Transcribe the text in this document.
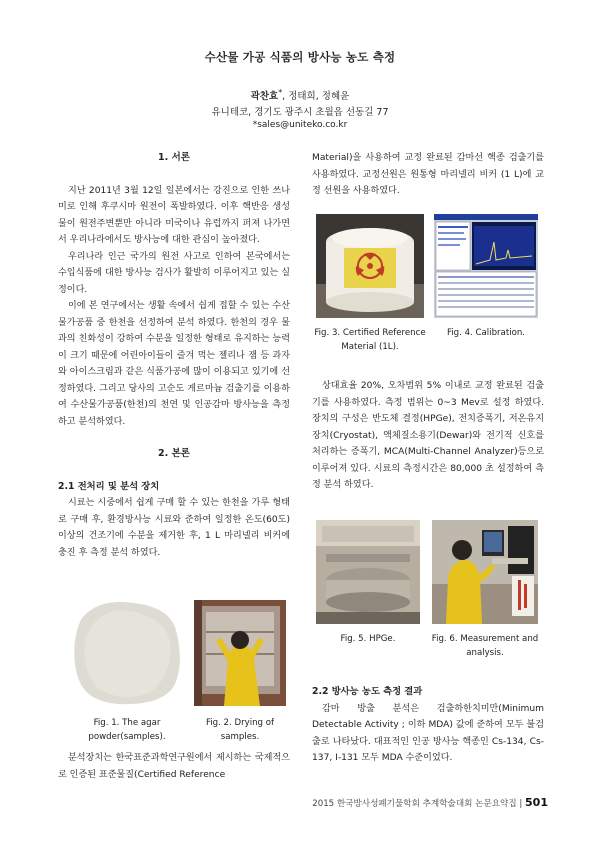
수산물 가공 식품의 방사능 농도 측정
곽찬효*, 정태희, 정혜윤
유니테코, 경기도 광주시 초월읍 선동길 77
*sales@uniteko.co.kr

1. 서론

지난 2011년 3월 12일 일본에서는 강진으로 인한 쓰나미로 인해 후쿠시마 원전이 폭발하였다. 이후 핵반응 생성물이 원전주변뿐만 아니라 미국이나 유럽까지 퍼져 나가면서 우리나라에서도 방사능에 대한 관심이 높아졌다.

우리나라 인근 국가의 원전 사고로 인하여 본국에서는 수입식품에 대한 방사능 검사가 활발히 이루어지고 있는 실정이다.

이에 본 연구에서는 생활 속에서 쉽게 접할 수 있는 수산물가공품 중 한천을 선정하여 분석 하였다. 한천의 경우 물과의 친화성이 강하여 수분을 일정한 형태로 유지하는 능력이 크기 때문에 어린아이들이 즐겨 먹는 젤리나 잼 등 과자와 아이스크림과 같은 식품가공에 많이 이용되고 있기에 선정하였다. 그리고 당사의 고순도 게르마늄 검출기를 이용하여 수산물가공품(한천)의 천연 및 인공감마 방사능을 측정하고 분석하였다.

2. 본론

2.1 전처리 및 분석 장치

시료는 시중에서 쉽게 구매 할 수 있는 한천을 가루 형태로 구매 후, 환경방사능 시료와 준하여 일정한 온도(60도) 이상의 건조기에 수분을 제거한 후, 1 L 마리넬리 비커에 충진 후 측정 분석 하였다.

Fig. 1. The agar powder(samples).
Fig. 2. Drying of samples.

분석장치는 한국표준과학연구원에서 제시하는 국제적으로 인증된 표준물질(Certified Reference

Material)을 사용하여 교정 완료된 감마선 핵종 검출기를 사용하였다. 교정선원은 원통형 마리넬리 비커 (1 L)에 교정 선원을 사용하였다.

Fig. 3. Certified Reference Material (1L).
Fig. 4. Calibration.

상대효율 20%, 오차범위 5% 이내로 교정 완료된 검출기를 사용하였다. 측정 범위는 0~3 Mev로 설정 하였다. 장치의 구성은 반도체 결정(HPGe), 전치증폭기, 저온유지장치(Cryostat), 액체질소용기(Dewar)와 전기적 신호를 처리하는 증폭기, MCA(Multi-Channel Analyzer)등으로 이루어져 있다. 시료의 측정시간은 80,000 초 설정하여 측정 분석 하였다.

Fig. 5. HPGe.	Fig. 6. Measurement and analysis.

2.2 방사능 농도 측정 결과

감마 방출 분석은 검출하한치미만(Minimum Detectable Activity ; 이하 MDA) 값에 준하여 모두 불검출로 나타났다. 대표적인 인공 방사능 핵종인 Cs-134, Cs-137, I-131 모두 MDA 수준이었다.

2015 한국방사성폐기물학회 추계학술대회 논문요약집 | 501
